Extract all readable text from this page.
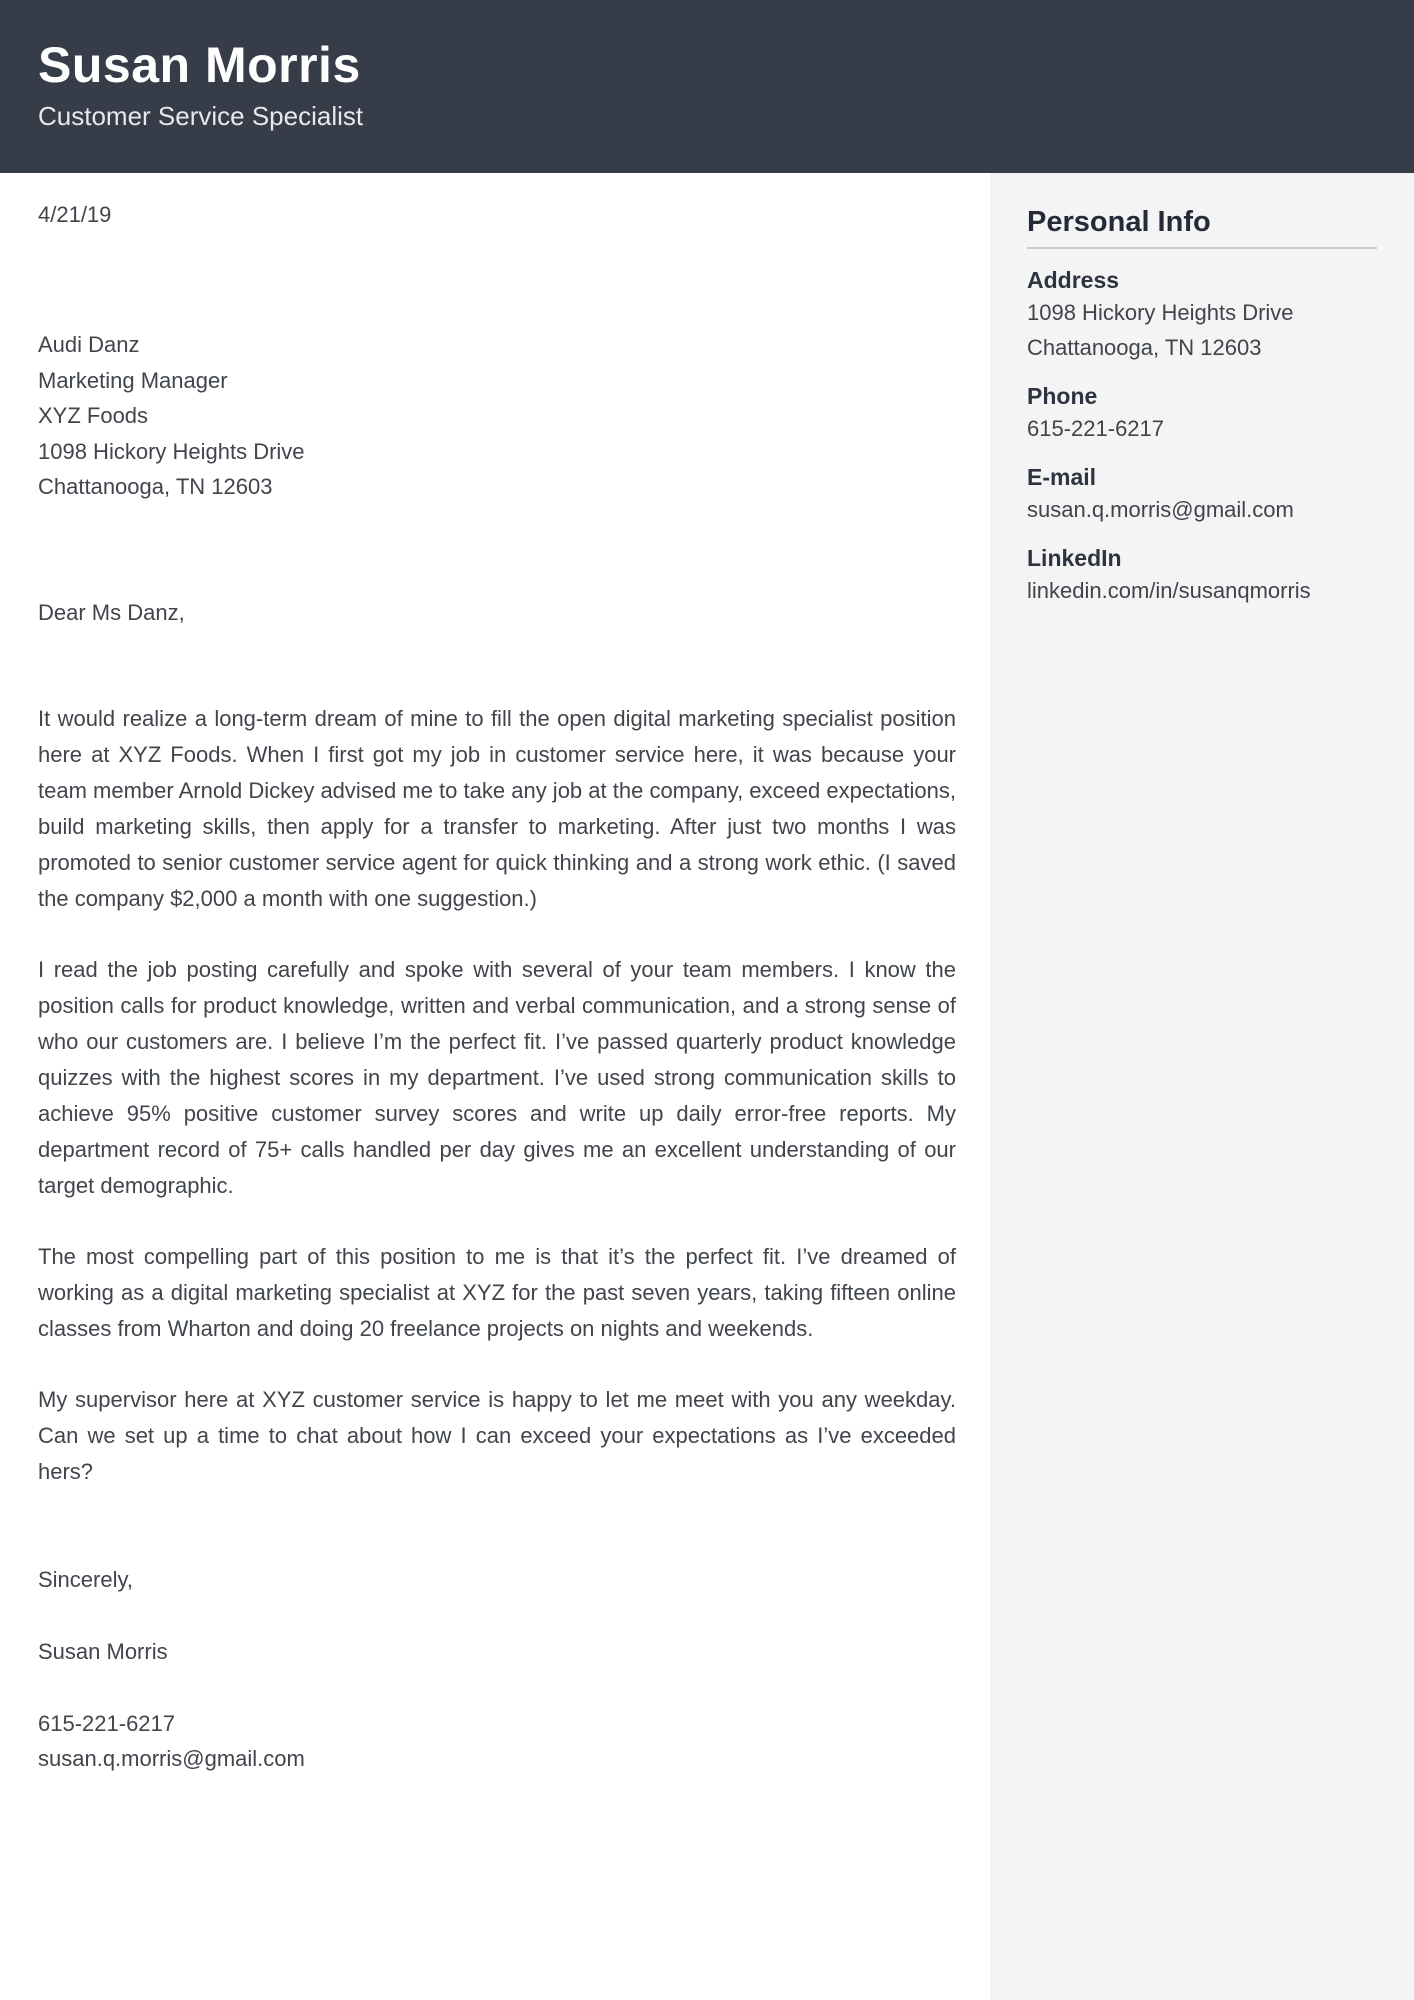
Susan Morris
Customer Service Specialist
Personal Info
Address
1098 Hickory Heights Drive
Chattanooga, TN 12603
Phone
615-221-6217
E-mail
susan.q.morris@gmail.com
LinkedIn
linkedin.com/in/susanqmorris
4/21/19
Audi Danz
Marketing Manager
XYZ Foods
1098 Hickory Heights Drive
Chattanooga, TN 12603
Dear Ms Danz,

It would realize a long-term dream of mine to fill the open digital marketing specialist position here at XYZ Foods. When I first got my job in customer service here, it was because your team member Arnold Dickey advised me to take any job at the company, exceed expectations, build marketing skills, then apply for a transfer to marketing. After just two months I was promoted to senior customer service agent for quick thinking and a strong work ethic. (I saved the company $2,000 a month with one suggestion.)

I read the job posting carefully and spoke with several of your team members. I know the position calls for product knowledge, written and verbal communication, and a strong sense of who our customers are. I believe I’m the perfect fit. I’ve passed quarterly product knowledge quizzes with the highest scores in my department. I’ve used strong communication skills to achieve 95% positive customer survey scores and write up daily error-free reports. My department record of 75+ calls handled per day gives me an excellent understanding of our target demographic.

The most compelling part of this position to me is that it’s the perfect fit. I’ve dreamed of working as a digital marketing specialist at XYZ for the past seven years, taking fifteen online classes from Wharton and doing 20 freelance projects on nights and weekends.

My supervisor here at XYZ customer service is happy to let me meet with you any weekday. Can we set up a time to chat about how I can exceed your expectations as I’ve exceeded hers?

Sincerely,
Susan Morris
615-221-6217
susan.q.morris@gmail.com
